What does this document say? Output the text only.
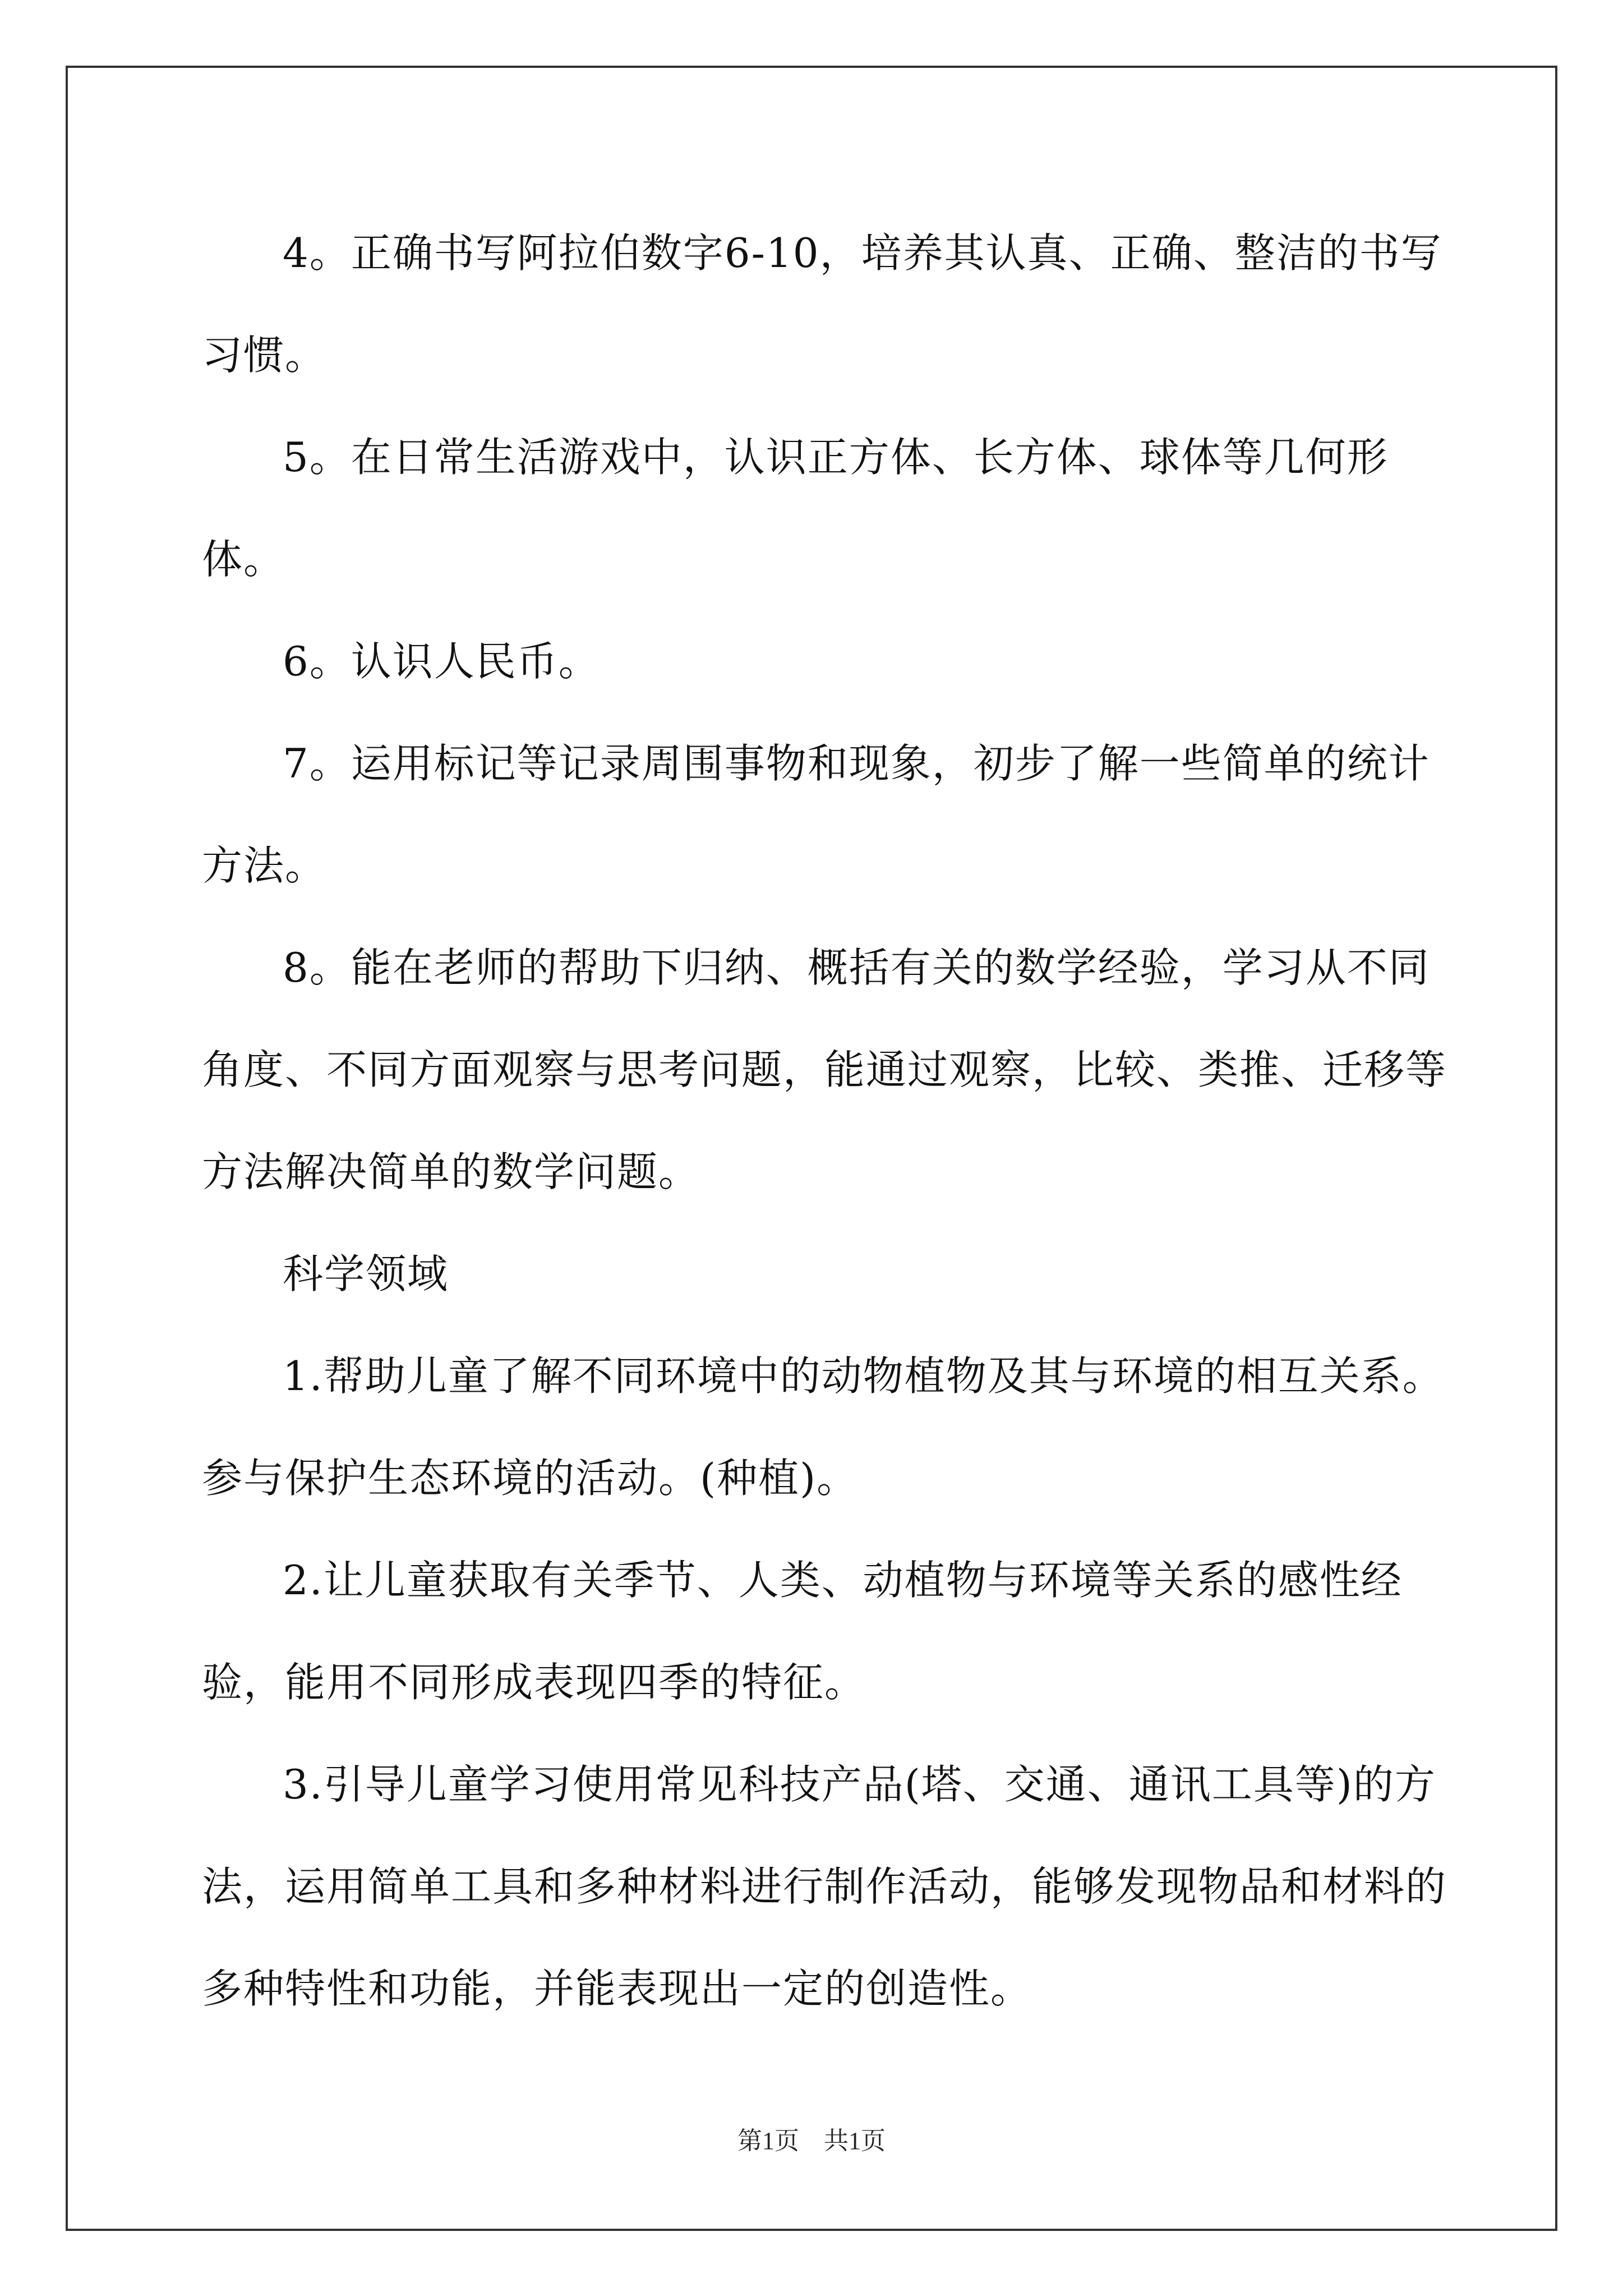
4。正确书写阿拉伯数字6-10，培养其认真、正确、整洁的书写习惯。

5。在日常生活游戏中，认识正方体、长方体、球体等几何形体。

6。认识人民币。

7。运用标记等记录周围事物和现象，初步了解一些简单的统计方法。

8。能在老师的帮助下归纳、概括有关的数学经验，学习从不同角度、不同方面观察与思考问题，能通过观察，比较、类推、迁移等方法解决简单的数学问题。

科学领域

1.帮助儿童了解不同环境中的动物植物及其与环境的相互关系。参与保护生态环境的活动。(种植)。

2.让儿童获取有关季节、人类、动植物与环境等关系的感性经验，能用不同形成表现四季的特征。

3.引导儿童学习使用常见科技产品(塔、交通、通讯工具等)的方法，运用简单工具和多种材料进行制作活动，能够发现物品和材料的多种特性和功能，并能表现出一定的创造性。

第1页　共1页
